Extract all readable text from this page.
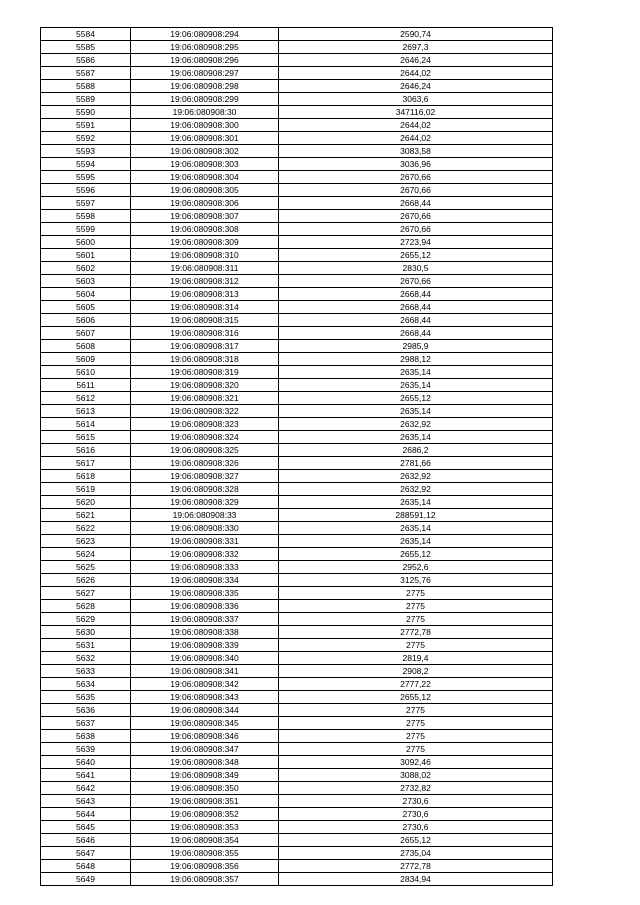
5584	19:06:080908:294	2590,74
5585	19:06:080908:295	2697,3
5586	19:06:080908:296	2646,24
5587	19:06:080908:297	2644,02
5588	19:06:080908:298	2646,24
5589	19:06:080908:299	3063,6
5590	19:06:080908:30	347116,02
5591	19:06:080908:300	2644,02
5592	19:06:080908:301	2644,02
5593	19:06:080908:302	3083,58
5594	19:06:080908:303	3036,96
5595	19:06:080908:304	2670,66
5596	19:06:080908:305	2670,66
5597	19:06:080908:306	2668,44
5598	19:06:080908:307	2670,66
5599	19:06:080908:308	2670,66
5600	19:06:080908:309	2723,94
5601	19:06:080908:310	2655,12
5602	19:06:080908:311	2830,5
5603	19:06:080908:312	2670,66
5604	19:06:080908:313	2668,44
5605	19:06:080908:314	2668,44
5606	19:06:080908:315	2668,44
5607	19:06:080908:316	2668,44
5608	19:06:080908:317	2985,9
5609	19:06:080908:318	2988,12
5610	19:06:080908:319	2635,14
5611	19:06:080908:320	2635,14
5612	19:06:080908:321	2655,12
5613	19:06:080908:322	2635,14
5614	19:06:080908:323	2632,92
5615	19:06:080908:324	2635,14
5616	19:06:080908:325	2686,2
5617	19:06:080908:326	2781,66
5618	19:06:080908:327	2632,92
5619	19:06:080908:328	2632,92
5620	19:06:080908:329	2635,14
5621	19:06:080908:33	288591,12
5622	19:06:080908:330	2635,14
5623	19:06:080908:331	2635,14
5624	19:06:080908:332	2655,12
5625	19:06:080908:333	2952,6
5626	19:06:080908:334	3125,76
5627	19:06:080908:335	2775
5628	19:06:080908:336	2775
5629	19:06:080908:337	2775
5630	19:06:080908:338	2772,78
5631	19:06:080908:339	2775
5632	19:06:080908:340	2819,4
5633	19:06:080908:341	2908,2
5634	19:06:080908:342	2777,22
5635	19:06:080908:343	2655,12
5636	19:06:080908:344	2775
5637	19:06:080908:345	2775
5638	19:06:080908:346	2775
5639	19:06:080908:347	2775
5640	19:06:080908:348	3092,46
5641	19:06:080908:349	3088,02
5642	19:06:080908:350	2732,82
5643	19:06:080908:351	2730,6
5644	19:06:080908:352	2730,6
5645	19:06:080908:353	2730,6
5646	19:06:080908:354	2655,12
5647	19:06:080908:355	2735,04
5648	19:06:080908:356	2772,78
5649	19:06:080908:357	2834,94
